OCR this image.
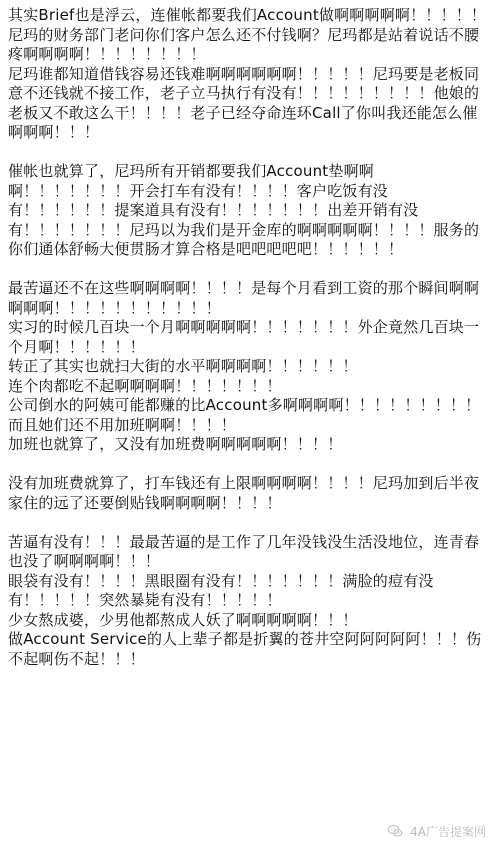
其实Brief也是浮云，连催帐都要我们Account做啊啊啊啊啊！！！！！

尼玛的财务部门老问你们客户怎么还不付钱啊？尼玛都是站着说话不腰疼啊啊啊啊！！！！！！！！

尼玛谁都知道借钱容易还钱难啊啊啊啊啊啊！！！！！尼玛要是老板同意不还钱就不接工作，老子立马执行有没有！！！！！！！！！他娘的老板又不敢这么干！！！！老子已经夺命连环Call了你叫我还能怎么催啊啊啊！！！

催帐也就算了，尼玛所有开销都要我们Account垫啊啊啊！！！！！！！开会打车有没有！！！！客户吃饭有没有！！！！！！提案道具有没有！！！！！！！出差开销有没有！！！！！！！尼玛以为我们是开金库的啊啊啊啊啊！！！！服务的你们通体舒畅大便贯肠才算合格是吧吧吧吧吧！！！！！！

最苦逼还不在这些啊啊啊啊！！！！是每个月看到工资的那个瞬间啊啊啊啊啊！！！！！！！！！！！

实习的时候几百块一个月啊啊啊啊啊！！！！！！！外企竟然几百块一个月啊！！！！！！

转正了其实也就扫大街的水平啊啊啊啊！！！！！！

连个肉都吃不起啊啊啊啊！！！！！！！

公司倒水的阿姨可能都赚的比Account多啊啊啊啊！！！！！！！！！而且她们还不用加班啊啊！！！！

加班也就算了，又没有加班费啊啊啊啊啊！！！！

没有加班费就算了，打车钱还有上限啊啊啊啊！！！！尼玛加到后半夜家住的远了还要倒贴钱啊啊啊啊！！！！

苦逼有没有！！！最最苦逼的是工作了几年没钱没生活没地位，连青春也没了啊啊啊啊！！！

眼袋有没有！！！！黑眼圈有没有！！！！！！！满脸的痘有没有！！！！！突然暴毙有没有！！！！！

少女熬成婆，少男他都熬成人妖了啊啊啊啊啊！！！

做Account Service的人上辈子都是折翼的苍井空阿阿阿阿阿！！！伤不起啊伤不起！！！

4A广告提案网
